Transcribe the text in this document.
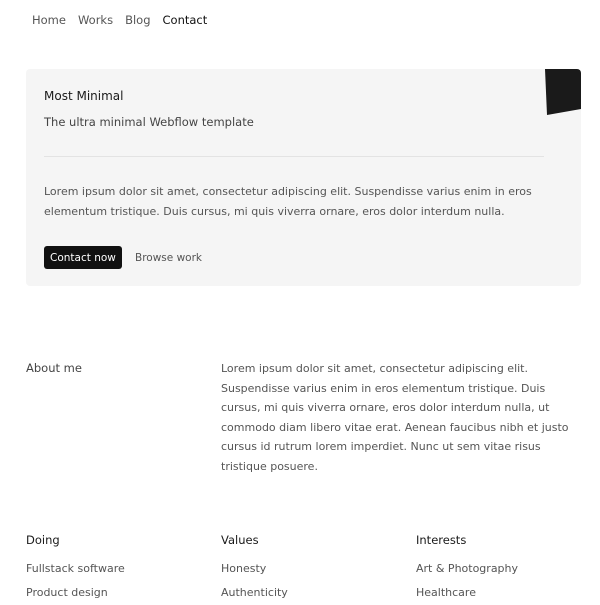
Home Works Blog Contact
Most Minimal
The ultra minimal Webflow template

Lorem ipsum dolor sit amet, consectetur adipiscing elit. Suspendisse varius enim in eros elementum tristique. Duis cursus, mi quis viverra ornare, eros dolor interdum nulla.

Contact now	Browse work
About me	Lorem ipsum dolor sit amet, consectetur adipiscing elit. Suspendisse varius enim in eros elementum tristique. Duis cursus, mi quis viverra ornare, eros dolor interdum nulla, ut commodo diam libero vitae erat. Aenean faucibus nibh et justo cursus id rutrum lorem imperdiet. Nunc ut sem vitae risus tristique posuere.

Doing
Fullstack software
Product design
Values
Honesty
Authenticity
Interests
Art & Photography
Healthcare
